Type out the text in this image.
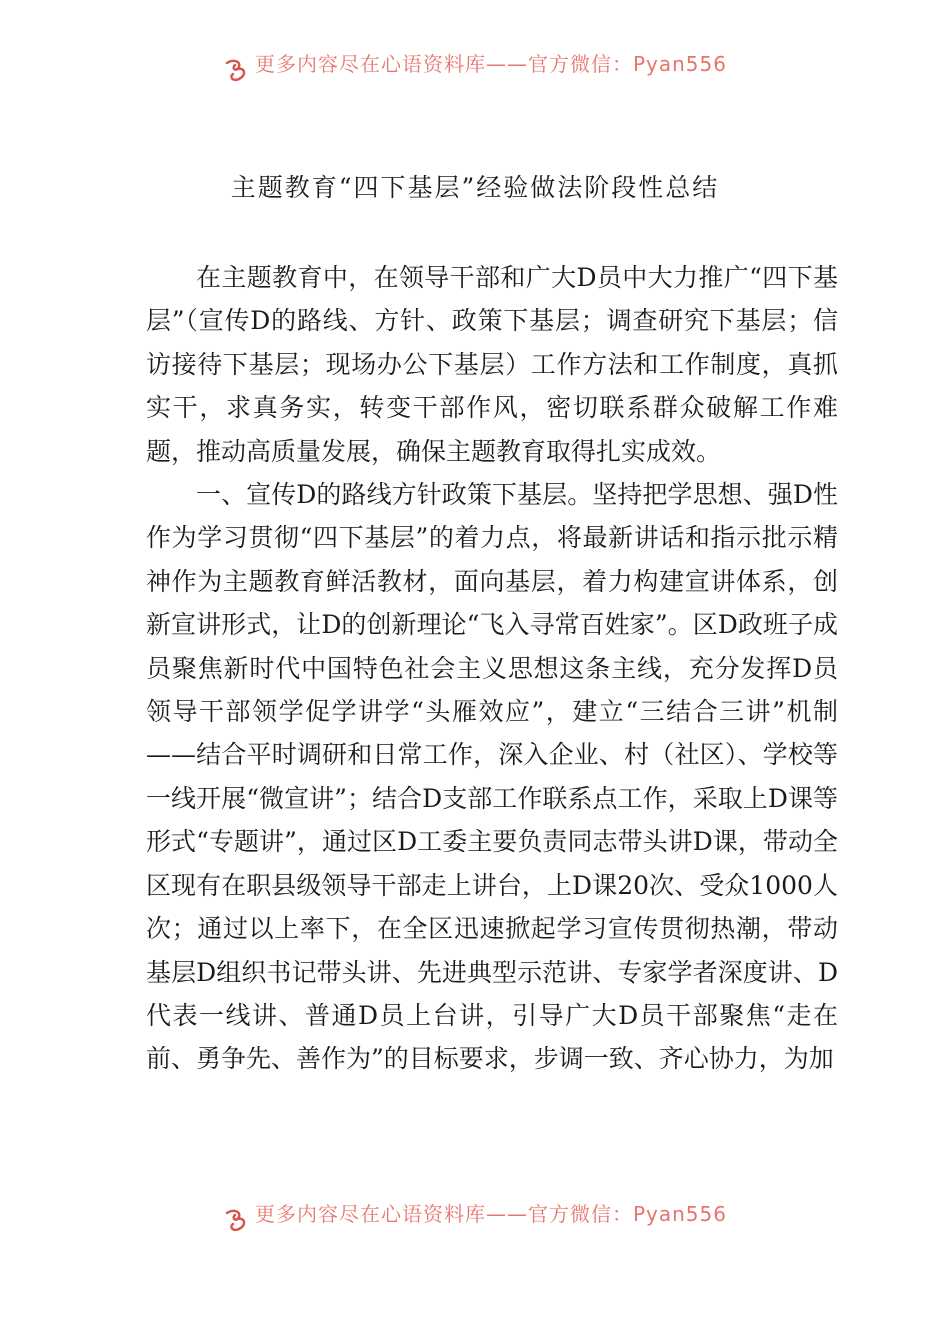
更多内容尽在心语资料库——官方微信：Pyan556
主题教育“四下基层”经验做法阶段性总结

在主题教育中，在领导干部和广大D员中大力推广“四下基层”（宣传D的路线、方针、政策下基层；调查研究下基层；信访接待下基层；现场办公下基层）工作方法和工作制度，真抓实干，求真务实，转变干部作风，密切联系群众破解工作难题，推动高质量发展，确保主题教育取得扎实成效。

一、宣传D的路线方针政策下基层。坚持把学思想、强D性作为学习贯彻“四下基层”的着力点，将最新讲话和指示批示精神作为主题教育鲜活教材，面向基层，着力构建宣讲体系，创新宣讲形式，让D的创新理论“飞入寻常百姓家”。区D政班子成员聚焦新时代中国特色社会主义思想这条主线，充分发挥D员领导干部领学促学讲学“头雁效应”，建立“三结合三讲”机制——结合平时调研和日常工作，深入企业、村（社区）、学校等一线开展“微宣讲”；结合D支部工作联系点工作，采取上D课等形式“专题讲”，通过区D工委主要负责同志带头讲D课，带动全区现有在职县级领导干部走上讲台，上D课20次、受众1000人次；通过以上率下，在全区迅速掀起学习宣传贯彻热潮，带动基层D组织书记带头讲、先进典型示范讲、专家学者深度讲、D代表一线讲、普通D员上台讲，引导广大D员干部聚焦“走在前、勇争先、善作为”的目标要求，步调一致、齐心协力，为加

更多内容尽在心语资料库——官方微信：Pyan556
